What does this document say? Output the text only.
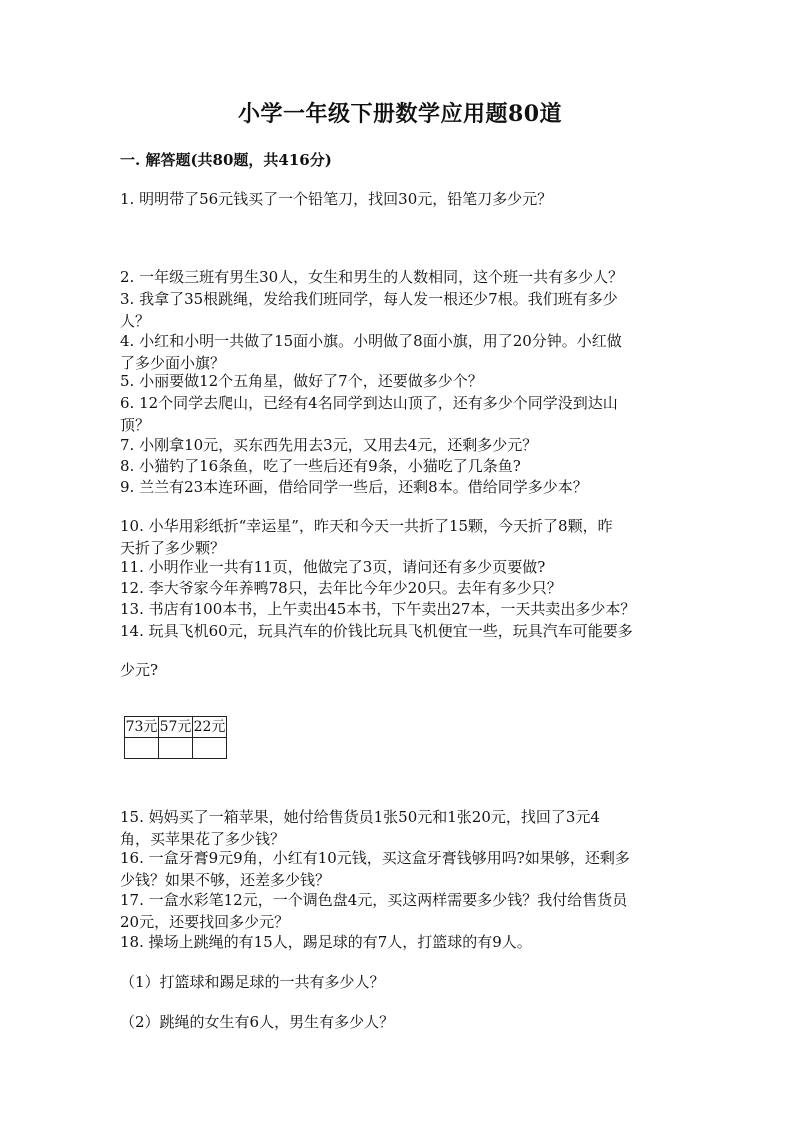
小学一年级下册数学应用题80道
一. 解答题(共80题，共416分)
1. 明明带了56元钱买了一个铅笔刀，找回30元，铅笔刀多少元？
2. 一年级三班有男生30人，女生和男生的人数相同，这个班一共有多少人？
3. 我拿了35根跳绳，发给我们班同学，每人发一根还少7根。我们班有多少
人？
4. 小红和小明一共做了15面小旗。小明做了8面小旗，用了20分钟。小红做
了多少面小旗？
5. 小丽要做12个五角星，做好了7个，还要做多少个？
6. 12个同学去爬山，已经有4名同学到达山顶了，还有多少个同学没到达山
顶？
7. 小刚拿10元，买东西先用去3元，又用去4元，还剩多少元？
8. 小猫钓了16条鱼，吃了一些后还有9条，小猫吃了几条鱼?
9. 兰兰有23本连环画，借给同学一些后，还剩8本。借给同学多少本？
10. 小华用彩纸折“幸运星”，昨天和今天一共折了15颗，今天折了8颗，昨
天折了多少颗？
11. 小明作业一共有11页，他做完了3页，请问还有多少页要做?
12. 李大爷家今年养鸭78只，去年比今年少20只。去年有多少只？
13. 书店有100本书，上午卖出45本书，下午卖出27本，一天共卖出多少本？
14. 玩具飞机60元，玩具汽车的价钱比玩具飞机便宜一些，玩具汽车可能要多
少元?
73元	57元	22元

15. 妈妈买了一箱苹果，她付给售货员1张50元和1张20元，找回了3元4
角，买苹果花了多少钱？
16. 一盒牙膏9元9角，小红有10元钱，买这盒牙膏钱够用吗?如果够，还剩多
少钱？如果不够，还差多少钱？
17. 一盒水彩笔12元，一个调色盘4元，买这两样需要多少钱？我付给售货员
20元，还要找回多少元？
18. 操场上跳绳的有15人，踢足球的有7人，打篮球的有9人。
（1）打篮球和踢足球的一共有多少人？
（2）跳绳的女生有6人，男生有多少人？
